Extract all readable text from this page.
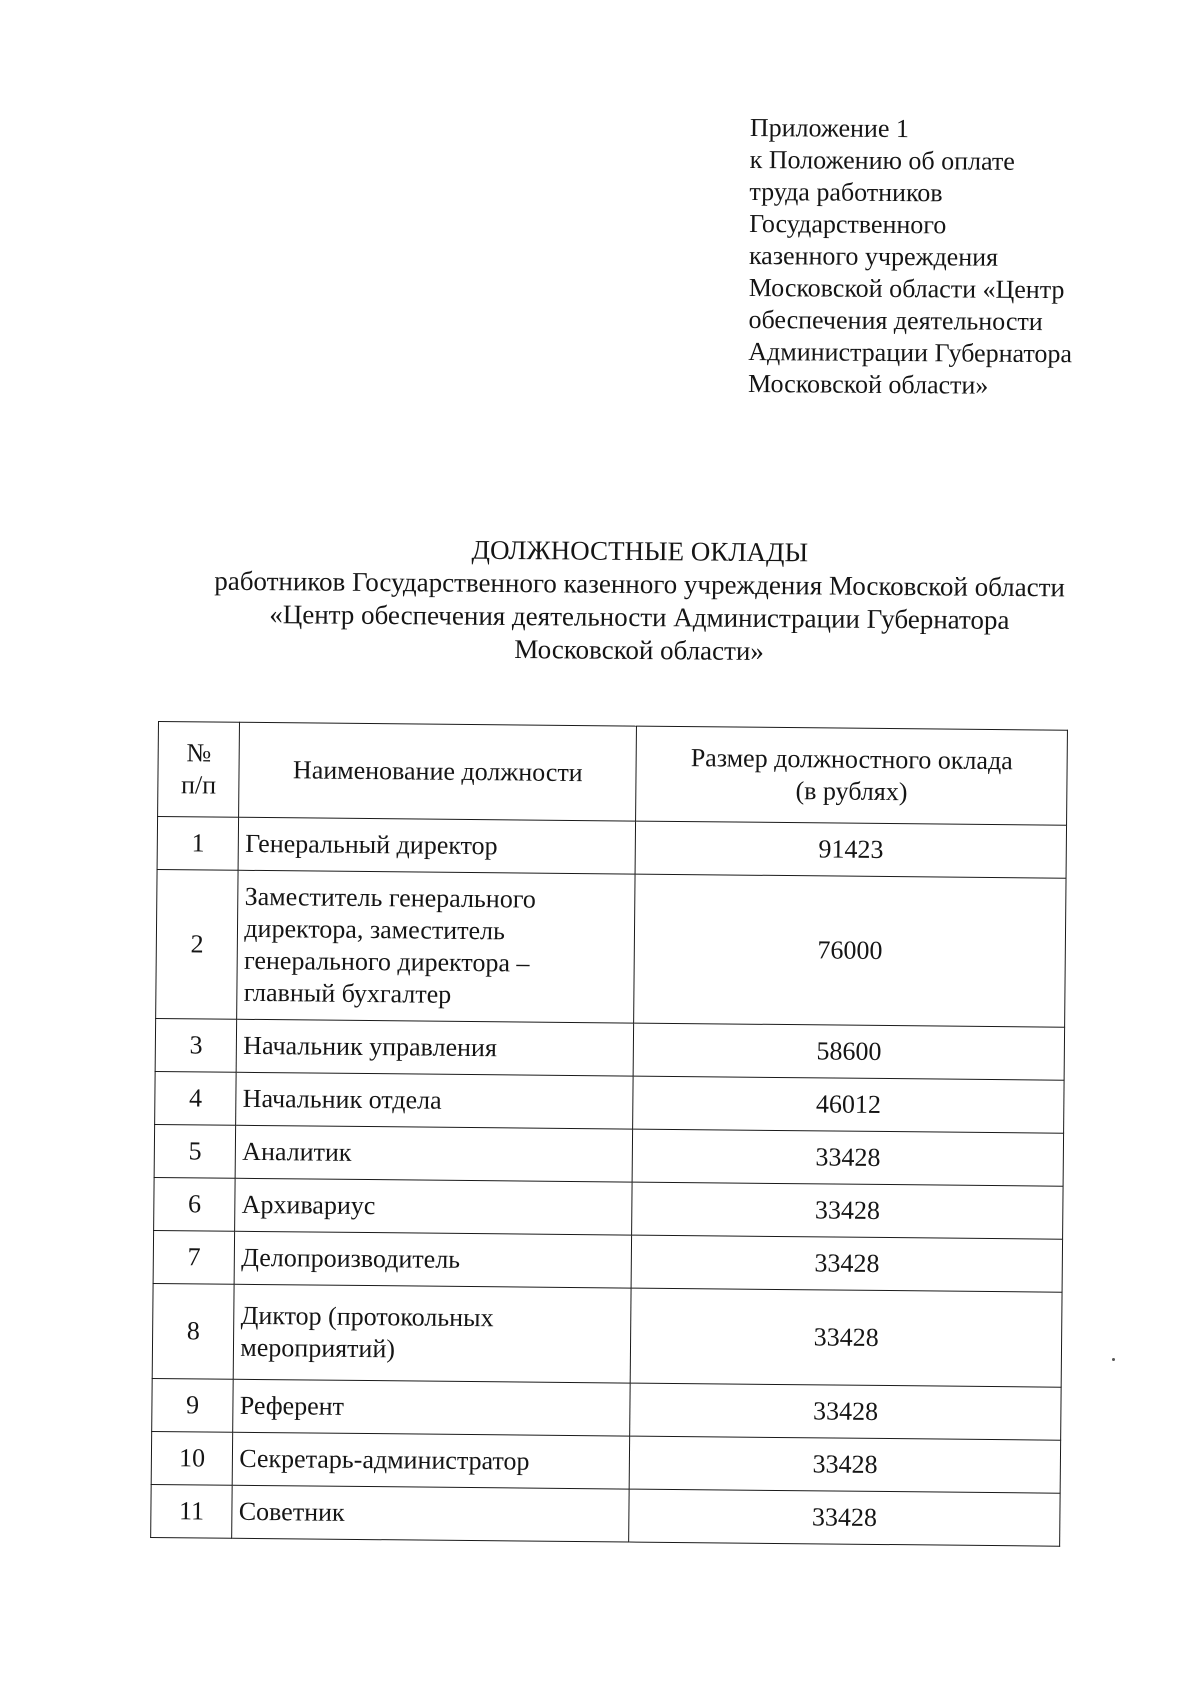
Приложение 1
к Положению об оплате
труда работников
Государственного
казенного учреждения
Московской области «Центр
обеспечения деятельности
Администрации Губернатора
Московской области»
ДОЛЖНОСТНЫЕ ОКЛАДЫ
работников Государственного казенного учреждения Московской области
«Центр обеспечения деятельности Администрации Губернатора
Московской области»
№
п/п	Наименование должности	Размер должностного оклада
(в рублях)
1	Генеральный директор	91423
2	Заместитель генерального
директора, заместитель
генерального директора –
главный бухгалтер	76000
3	Начальник управления	58600
4	Начальник отдела	46012
5	Аналитик	33428
6	Архивариус	33428
7	Делопроизводитель	33428
8	Диктор (протокольных
мероприятий)	33428
9	Референт	33428
10	Секретарь-администратор	33428
11	Советник	33428
